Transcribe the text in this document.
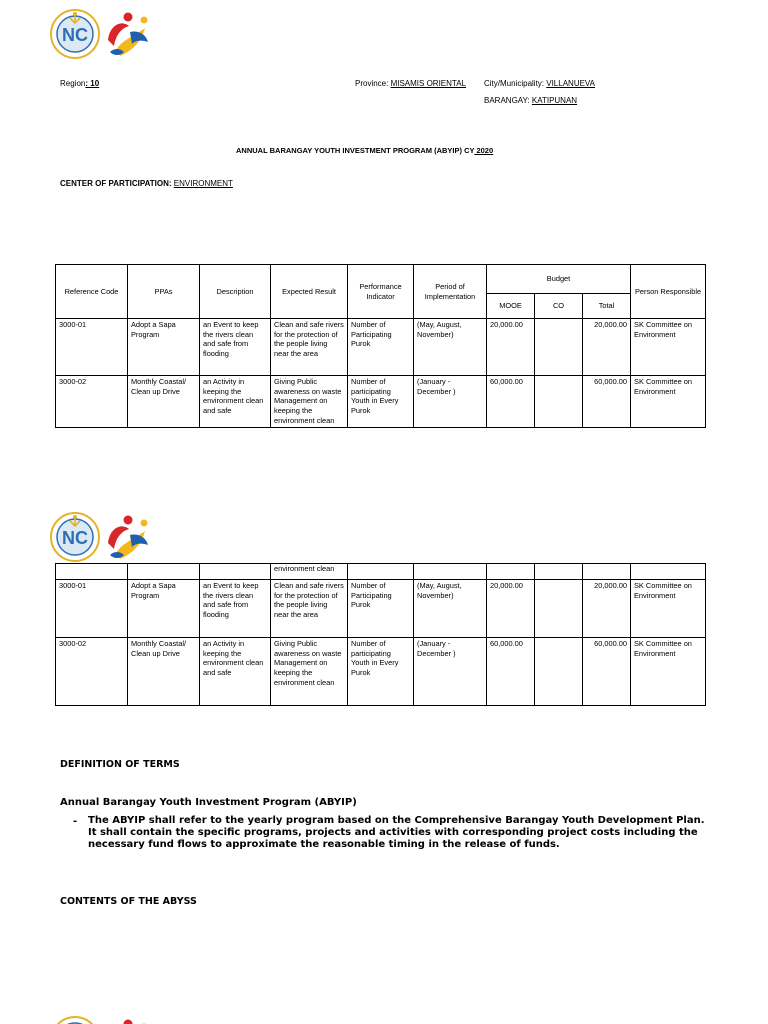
NC
Region: 10	Province: MISAMIS ORIENTAL City/Municipality: VILLANUEVA
BARANGAY: KATIPUNAN
ANNUAL BARANGAY YOUTH INVESTMENT PROGRAM (ABYIP) CY 2020
CENTER OF PARTICIPATION: ENVIRONMENT
Reference Code	PPAs	Description	Expected Result	Performance Indicator	Period of Implementation	Budget			Person Responsible
						MOOE	CO	Total	
3000-01	Adopt a Sapa Program	an Event to keep the rivers clean and safe from flooding	Clean and safe rivers for the protection of the people living near the area	Number of Participating Purok	(May, August, November)	20,000.00		20,000.00	SK Committee on Environment
3000-02	Monthly Coastal/ Clean up Drive	an Activity in keeping the environment clean and safe	Giving Public awareness on waste Management on keeping the environment clean	Number of participating Youth in Every Purok	(January - December )	60,000.00		60,000.00	SK Committee on Environment
NC
			environment clean						
3000-01	Adopt a Sapa Program	an Event to keep the rivers clean and safe from flooding	Clean and safe rivers for the protection of the people living near the area	Number of Participating Purok	(May, August, November)	20,000.00		20,000.00	SK Committee on Environment
3000-02	Monthly Coastal/ Clean up Drive	an Activity in keeping the environment clean and safe	Giving Public awareness on waste Management on keeping the environment clean	Number of participating Youth in Every Purok	(January - December )	60,000.00		60,000.00	SK Committee on Environment
DEFINITION OF TERMS
Annual Barangay Youth Investment Program (ABYIP)
- The ABYIP shall refer to the yearly program based on the Comprehensive Barangay Youth Development Plan. It shall contain the specific programs, projects and activities with corresponding project costs including the necessary fund flows to approximate the reasonable timing in the release of funds.
CONTENTS OF THE ABYSS
